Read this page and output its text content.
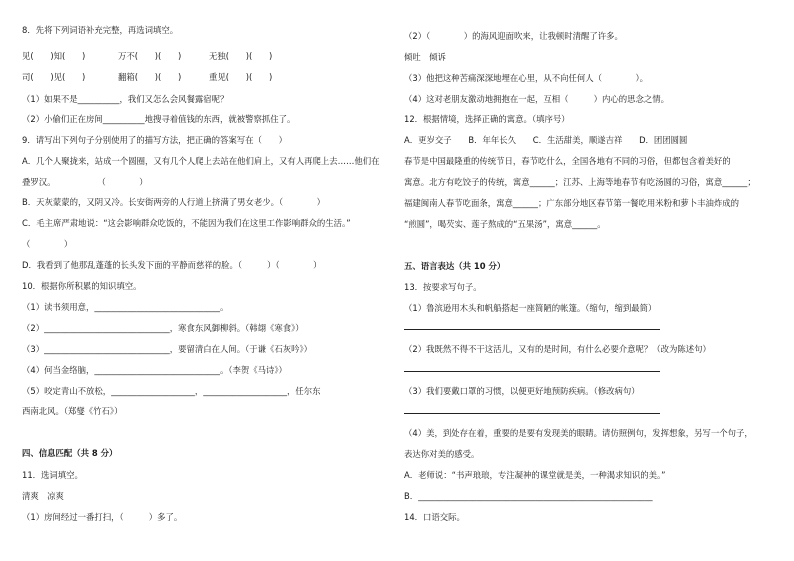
8．先将下列词语补充完整，再选词填空。
见(　　)知(　　)	万不(　　)(　　)	无独(　　)(　　)
司(　　)见(　　)	翻箱(　　)(　　)	重见(　　)(　　)
（1）如果不是__________，我们又怎么会风餐露宿呢？
（2）小偷们正在房间__________地搜寻着值钱的东西，就被警察抓住了。
9．请写出下列句子分别使用了的描写方法，把正确的答案写在（　　）
A．几个人聚拢来，站成一个圆圈，又有几个人爬上去站在他们肩上，又有人再爬上去……他们在
叠罗汉。　　　　　　（　　　　）
B．天灰蒙蒙的，又阴又冷。长安街两旁的人行道上挤满了男女老少。（　　　　）
C．毛主席严肃地说：“这会影响群众吃饭的，不能因为我们在这里工作影响群众的生活。”
（　　　　）
D．我看到了他那乱蓬蓬的长头发下面的平静而慈祥的脸。（　　　）（　　　　）
10．根据你所积累的知识填空。
（1）读书须用意，______________________________。
（2）______________________________，寒食东风御柳斜。（韩翃《寒食》）
（3）______________________________，要留清白在人间。（于谦《石灰吟》）
（4）何当金络脑，______________________________。（李贺《马诗》）
（5）咬定青山不放松，____________________，____________________，任尔东
西南北风。（郑燮《竹石》）
四、信息匹配（共 8 分）
11．选词填空。
清爽　凉爽
（1）房间经过一番打扫，（　　　）多了。
（2）（　　　　）的海风迎面吹来，让我顿时清醒了许多。
倾吐　倾诉
（3）他把这种苦痛深深地埋在心里，从不向任何人（　　　　）。
（4）这对老朋友激动地拥抱在一起，互相（　　　）内心的思念之情。
12．根据情境，选择正确的寓意。（填序号）
A．更岁交子　　B．年年长久　　C．生活甜美，顺遂吉祥　　D．团团圆圆
春节是中国最隆重的传统节日，春节吃什么，全国各地有不同的习俗，但都包含着美好的
寓意。北方有吃饺子的传统，寓意______；江苏、上海等地春节有吃汤圆的习俗，寓意______；
福建闽南人春节吃面条，寓意______；广东部分地区春节第一餐吃用米粉和萝卜丰油炸成的
“煎圆”，喝芡实、莲子熬成的“五果汤”，寓意______。
五、语言表达（共 10 分）
13．按要求写句子。
（1）鲁滨逊用木头和帆船搭起一座简陋的帐篷。（缩句，缩到最简）
（2）我既然不得不干这活儿，又有的是时间，有什么必要介意呢？（改为陈述句）
（3）我们要戴口罩的习惯，以便更好地预防疾病。（修改病句）
（4）美，到处存在着，重要的是要有发现美的眼睛。请仿照例句，发挥想象，另写一个句子，
表达你对美的感受。
A．老师说：“书声琅琅，专注凝神的课堂就是美，一种渴求知识的美。”
B．________________________________________________________
14．口语交际。
